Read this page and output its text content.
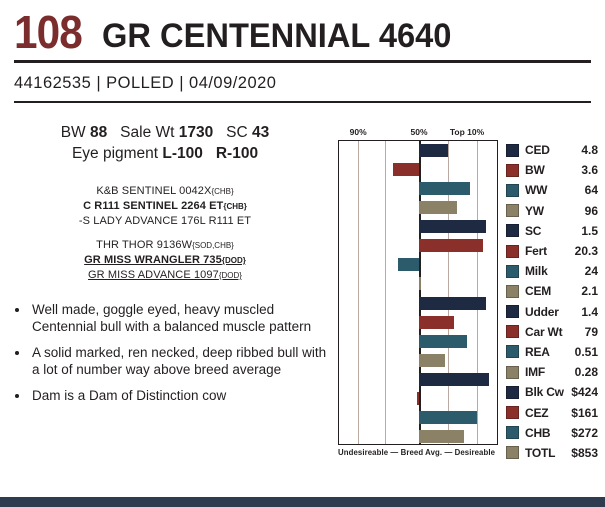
108 GR CENTENNIAL 4640
44162535 | POLLED | 04/09/2020
BW 88 Sale Wt 1730 SC 43
Eye pigment L-100 R-100
K&B SENTINEL 0042X{CHB}
C R111 SENTINEL 2264 ET{CHB}
-S LADY ADVANCE 176L R111 ET
THR THOR 9136W{SOD,CHB}
GR MISS WRANGLER 735{DOD}
GR MISS ADVANCE 1097{DOD}
• Well made, goggle eyed, heavy muscled Centennial bull with a balanced muscle pattern
• A solid marked, ren necked, deep ribbed bull with a lot of number way above breed average
• Dam is a Dam of Distinction cow
90%	50%	Top 10%
CED	4.8
BW	3.6
WW	64
YW	96
SC	1.5
Fert	20.3
Milk	24
CEM	2.1
Udder	1.4
Car Wt	79
REA	0.51
IMF	0.28
Blk Cw $424
CEZ	$161
CHB	$272
TOTL	$853
Undesireable — Breed Avg. — Desireable
